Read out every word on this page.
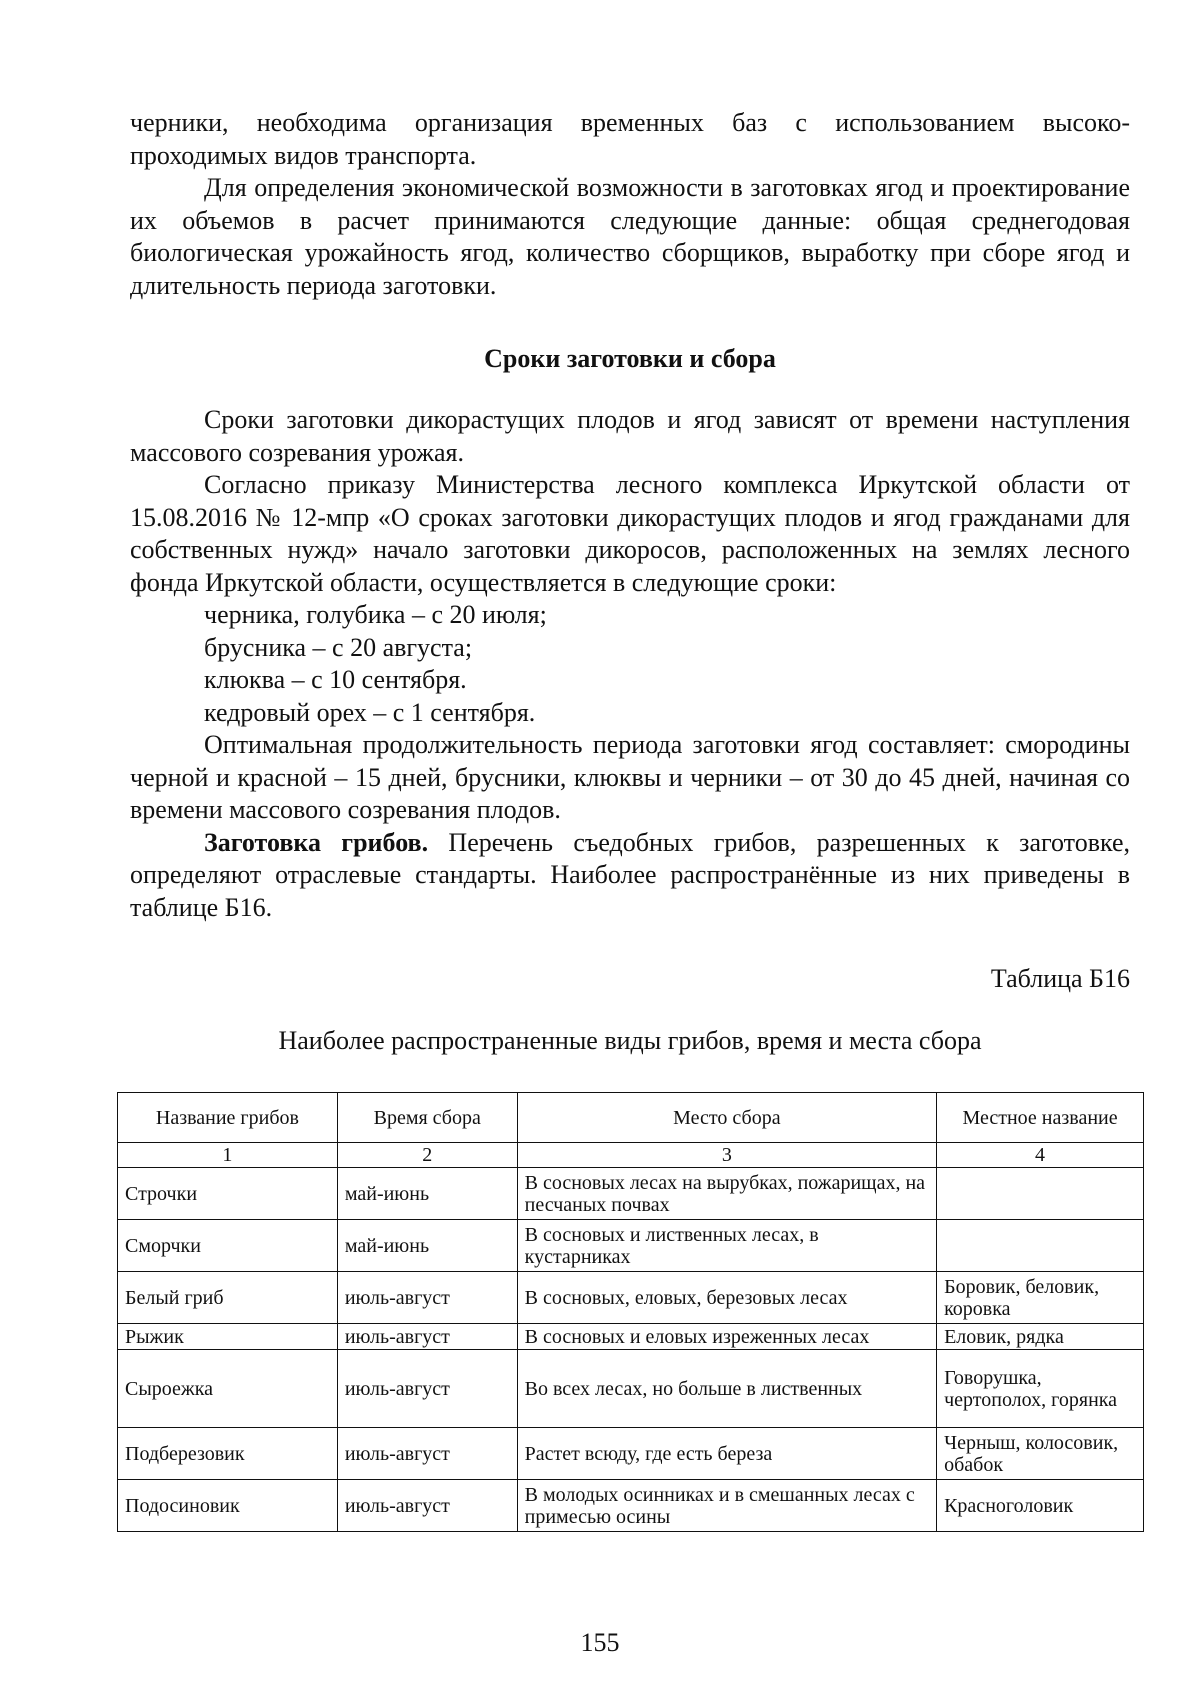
черники, необходима организация временных баз с использованием высоко-

проходимых видов транспорта.

Для определения экономической возможности в заготовках ягод и проектирование их объемов в расчет принимаются следующие данные: общая среднегодовая биологическая урожайность ягод, количество сборщиков, выработку при сборе ягод и длительность периода заготовки.

Сроки заготовки и сбора

Сроки заготовки дикорастущих плодов и ягод зависят от времени наступления массового созревания урожая.

Согласно приказу Министерства лесного комплекса Иркутской области от 15.08.2016 № 12-мпр «О сроках заготовки дикорастущих плодов и ягод гражданами для собственных нужд» начало заготовки дикоросов, расположенных на землях лесного фонда Иркутской области, осуществляется в следующие сроки:

черника, голубика – с 20 июля;

брусника – с 20 августа;

клюква – с 10 сентября.

кедровый орех – с 1 сентября.

Оптимальная продолжительность периода заготовки ягод составляет: смородины черной и красной – 15 дней, брусники, клюквы и черники – от 30 до 45 дней, начиная со времени массового созревания плодов.

Заготовка грибов. Перечень съедобных грибов, разрешенных к заготовке, определяют отраслевые стандарты. Наиболее распространённые из них приведены в таблице Б16.

Таблица Б16
Наиболее распространенные виды грибов, время и места сбора
Название грибов	Время сбора	Место сбора	Местное название
1	2	3	4
Строчки	май-июнь	В сосновых лесах на вырубках, пожарищах, на песчаных почвах	
Сморчки	май-июнь	В сосновых и лиственных лесах, в кустарниках	
Белый гриб	июль-август	В сосновых, еловых, березовых лесах	Боровик, беловик, коровка
Рыжик	июль-август	В сосновых и еловых изреженных лесах	Еловик, рядка
Сыроежка	июль-август	Во всех лесах, но больше в лиственных	Говорушка, чертополох, горянка
Подберезовик	июль-август	Растет всюду, где есть береза	Черныш, колосовик, обабок
Подосиновик	июль-август	В молодых осинниках и в смешанных лесах с примесью осины	Красноголовик
155
